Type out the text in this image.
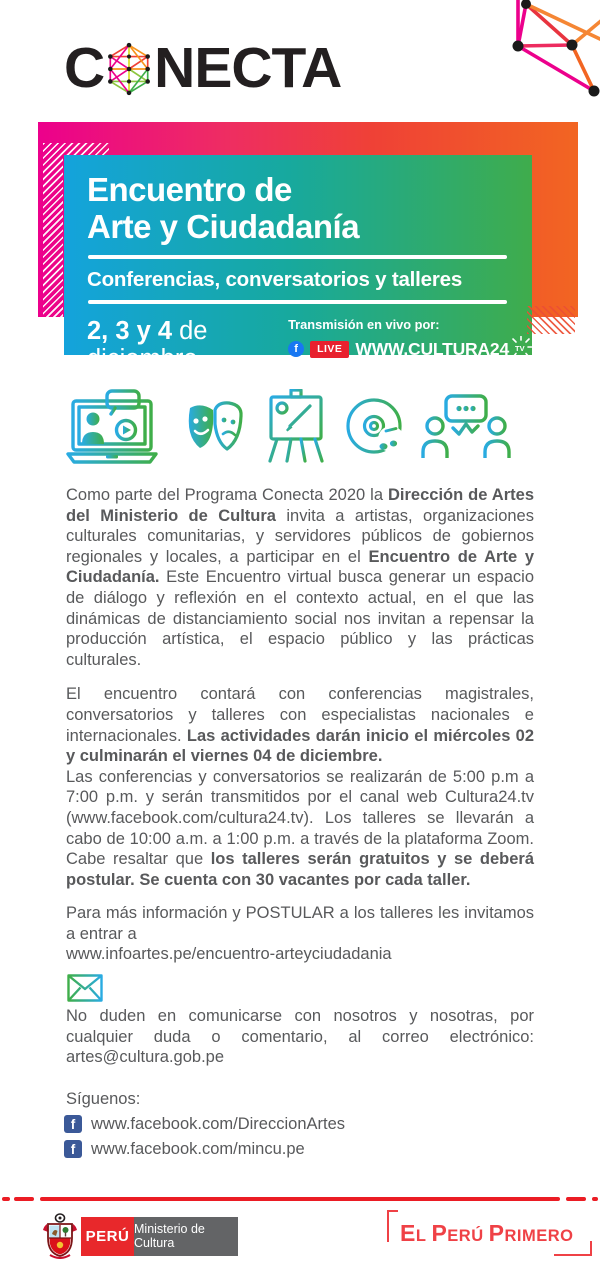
C NECTA
Encuentro de
Arte y Ciudadanía
Conferencias, conversatorios y talleres
2, 3 y 4 de diciembre
Transmisión en vivo por:
f	LIVE WWW.CULTURA24 TV

Como parte del Programa Conecta 2020 la Dirección de Artes del Ministerio de Cultura invita a artistas, organizaciones culturales comunitarias, y servidores públicos de gobiernos regionales y locales, a participar en el Encuentro de Arte y Ciudadanía. Este Encuentro virtual busca generar un espacio de diálogo y reflexión en el contexto actual, en el que las dinámicas de distanciamiento social nos invitan a repensar la producción artística, el espacio público y las prácticas culturales.

El encuentro contará con conferencias magistrales, conversatorios y talleres con especialistas nacionales e internacionales. Las actividades darán inicio el miércoles 02 y culminarán el viernes 04 de diciembre.

Las conferencias y conversatorios se realizarán de 5:00 p.m a 7:00 p.m. y serán transmitidos por el canal web Cultura24.tv (www.facebook.com/cultura24.tv). Los talleres se llevarán a cabo de 10:00 a.m. a 1:00 p.m. a través de la plataforma Zoom. Cabe resaltar que los talleres serán gratuitos y se deberá postular. Se cuenta con 30 vacantes por cada taller.

Para más información y POSTULAR a los talleres les invitamos a entrar a
www.infoartes.pe/encuentro-arteyciudadania

No duden en comunicarse con nosotros y nosotras, por cualquier duda o comentario, al correo electrónico: artes@cultura.gob.pe

Síguenos:
f www.facebook.com/DireccionArtes
f www.facebook.com/mincu.pe
PERÚ Ministerio de Cultura	EL PERÚ PRIMERO
